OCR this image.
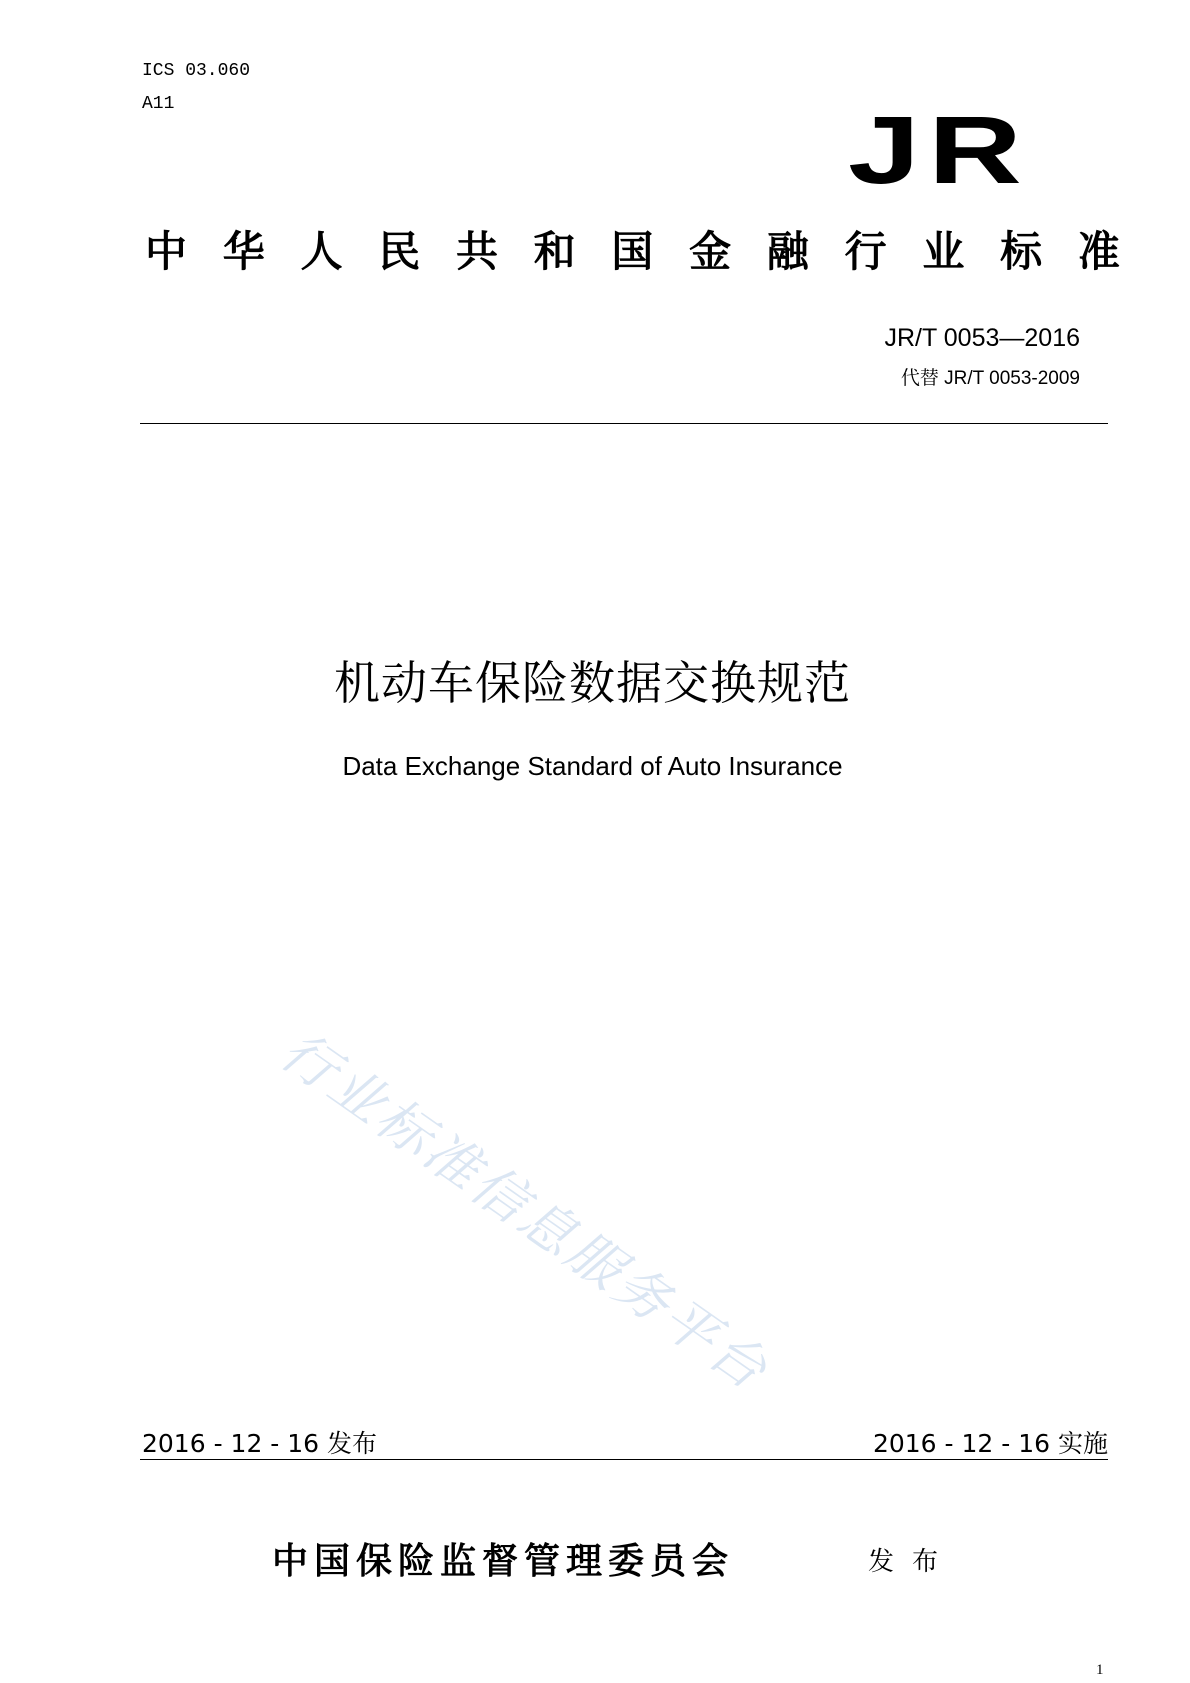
ICS 03.060
A11	JR
中 华 人 民 共 和 国 金 融 行 业 标 准
JR/T 0053—2016
代替 JR/T 0053-2009
机动车保险数据交换规范
Data Exchange Standard of Auto Insurance
行业标准信息服务平台
2016 - 12 - 16 发布	2016 - 12 - 16 实施
中国保险监督管理委员会	发布
1
